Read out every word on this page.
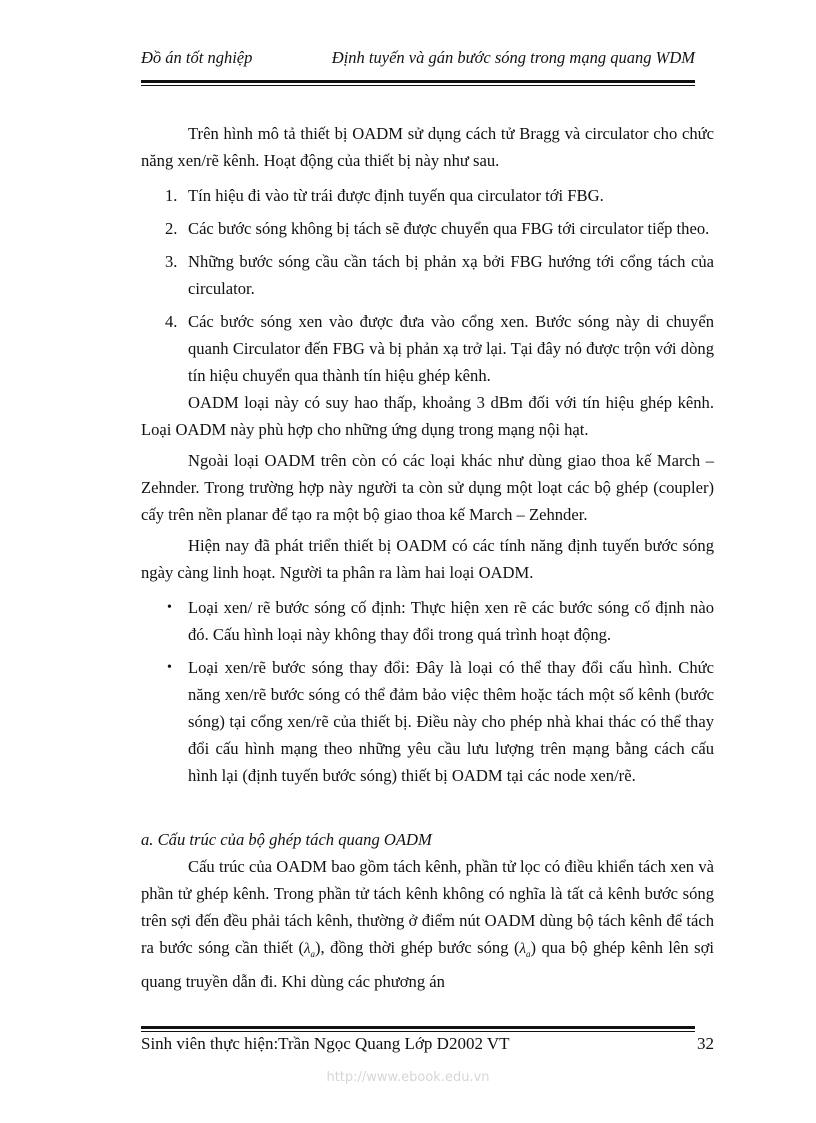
Đồ án tốt nghiệp	Định tuyến và gán bước sóng trong mạng quang WDM

Trên hình mô tả thiết bị OADM sử dụng cách tử Bragg và circulator cho chức năng xen/rẽ kênh. Hoạt động của thiết bị này như sau.

1. Tín hiệu đi vào từ trái được định tuyến qua circulator tới FBG.
2. Các bước sóng không bị tách sẽ được chuyển qua FBG tới circulator tiếp theo.
3. Những bước sóng cầu cần tách bị phản xạ bởi FBG hướng tới cổng tách của circulator.
4. Các bước sóng xen vào được đưa vào cổng xen. Bước sóng này di chuyển quanh Circulator đến FBG và bị phản xạ trở lại. Tại đây nó được trộn với dòng tín hiệu chuyển qua thành tín hiệu ghép kênh.

OADM loại này có suy hao thấp, khoảng 3 dBm đối với tín hiệu ghép kênh. Loại OADM này phù hợp cho những ứng dụng trong mạng nội hạt.

Ngoài loại OADM trên còn có các loại khác như dùng giao thoa kế March – Zehnder. Trong trường hợp này người ta còn sử dụng một loạt các bộ ghép (coupler) cấy trên nền planar để tạo ra một bộ giao thoa kế March – Zehnder.

Hiện nay đã phát triển thiết bị OADM có các tính năng định tuyến bước sóng ngày càng linh hoạt. Người ta phân ra làm hai loại OADM.

• Loại xen/ rẽ bước sóng cố định: Thực hiện xen rẽ các bước sóng cố định nào đó. Cấu hình loại này không thay đổi trong quá trình hoạt động.
• Loại xen/rẽ bước sóng thay đổi: Đây là loại có thể thay đổi cấu hình. Chức năng xen/rẽ bước sóng có thể đảm bảo việc thêm hoặc tách một số kênh (bước sóng) tại cổng xen/rẽ của thiết bị. Điều này cho phép nhà khai thác có thể thay đổi cấu hình mạng theo những yêu cầu lưu lượng trên mạng bằng cách cấu hình lại (định tuyến bước sóng) thiết bị OADM tại các node xen/rẽ.

a. Cấu trúc của bộ ghép tách quang OADM

Cấu trúc của OADM bao gồm tách kênh, phần tử lọc có điều khiển tách xen và phần tử ghép kênh. Trong phần tử tách kênh không có nghĩa là tất cả kênh bước sóng trên sợi đến đều phải tách kênh, thường ở điểm nút OADM dùng bộ tách kênh để tách ra bước sóng cần thiết $(\lambda_a)$, đồng thời ghép bước sóng $(\lambda_a)$ qua bộ ghép kênh lên sợi quang truyền dẫn đi. Khi dùng các phương án

Sinh viên thực hiện:Trần Ngọc Quang Lớp D2002 VT	32
http://www.ebook.edu.vn
